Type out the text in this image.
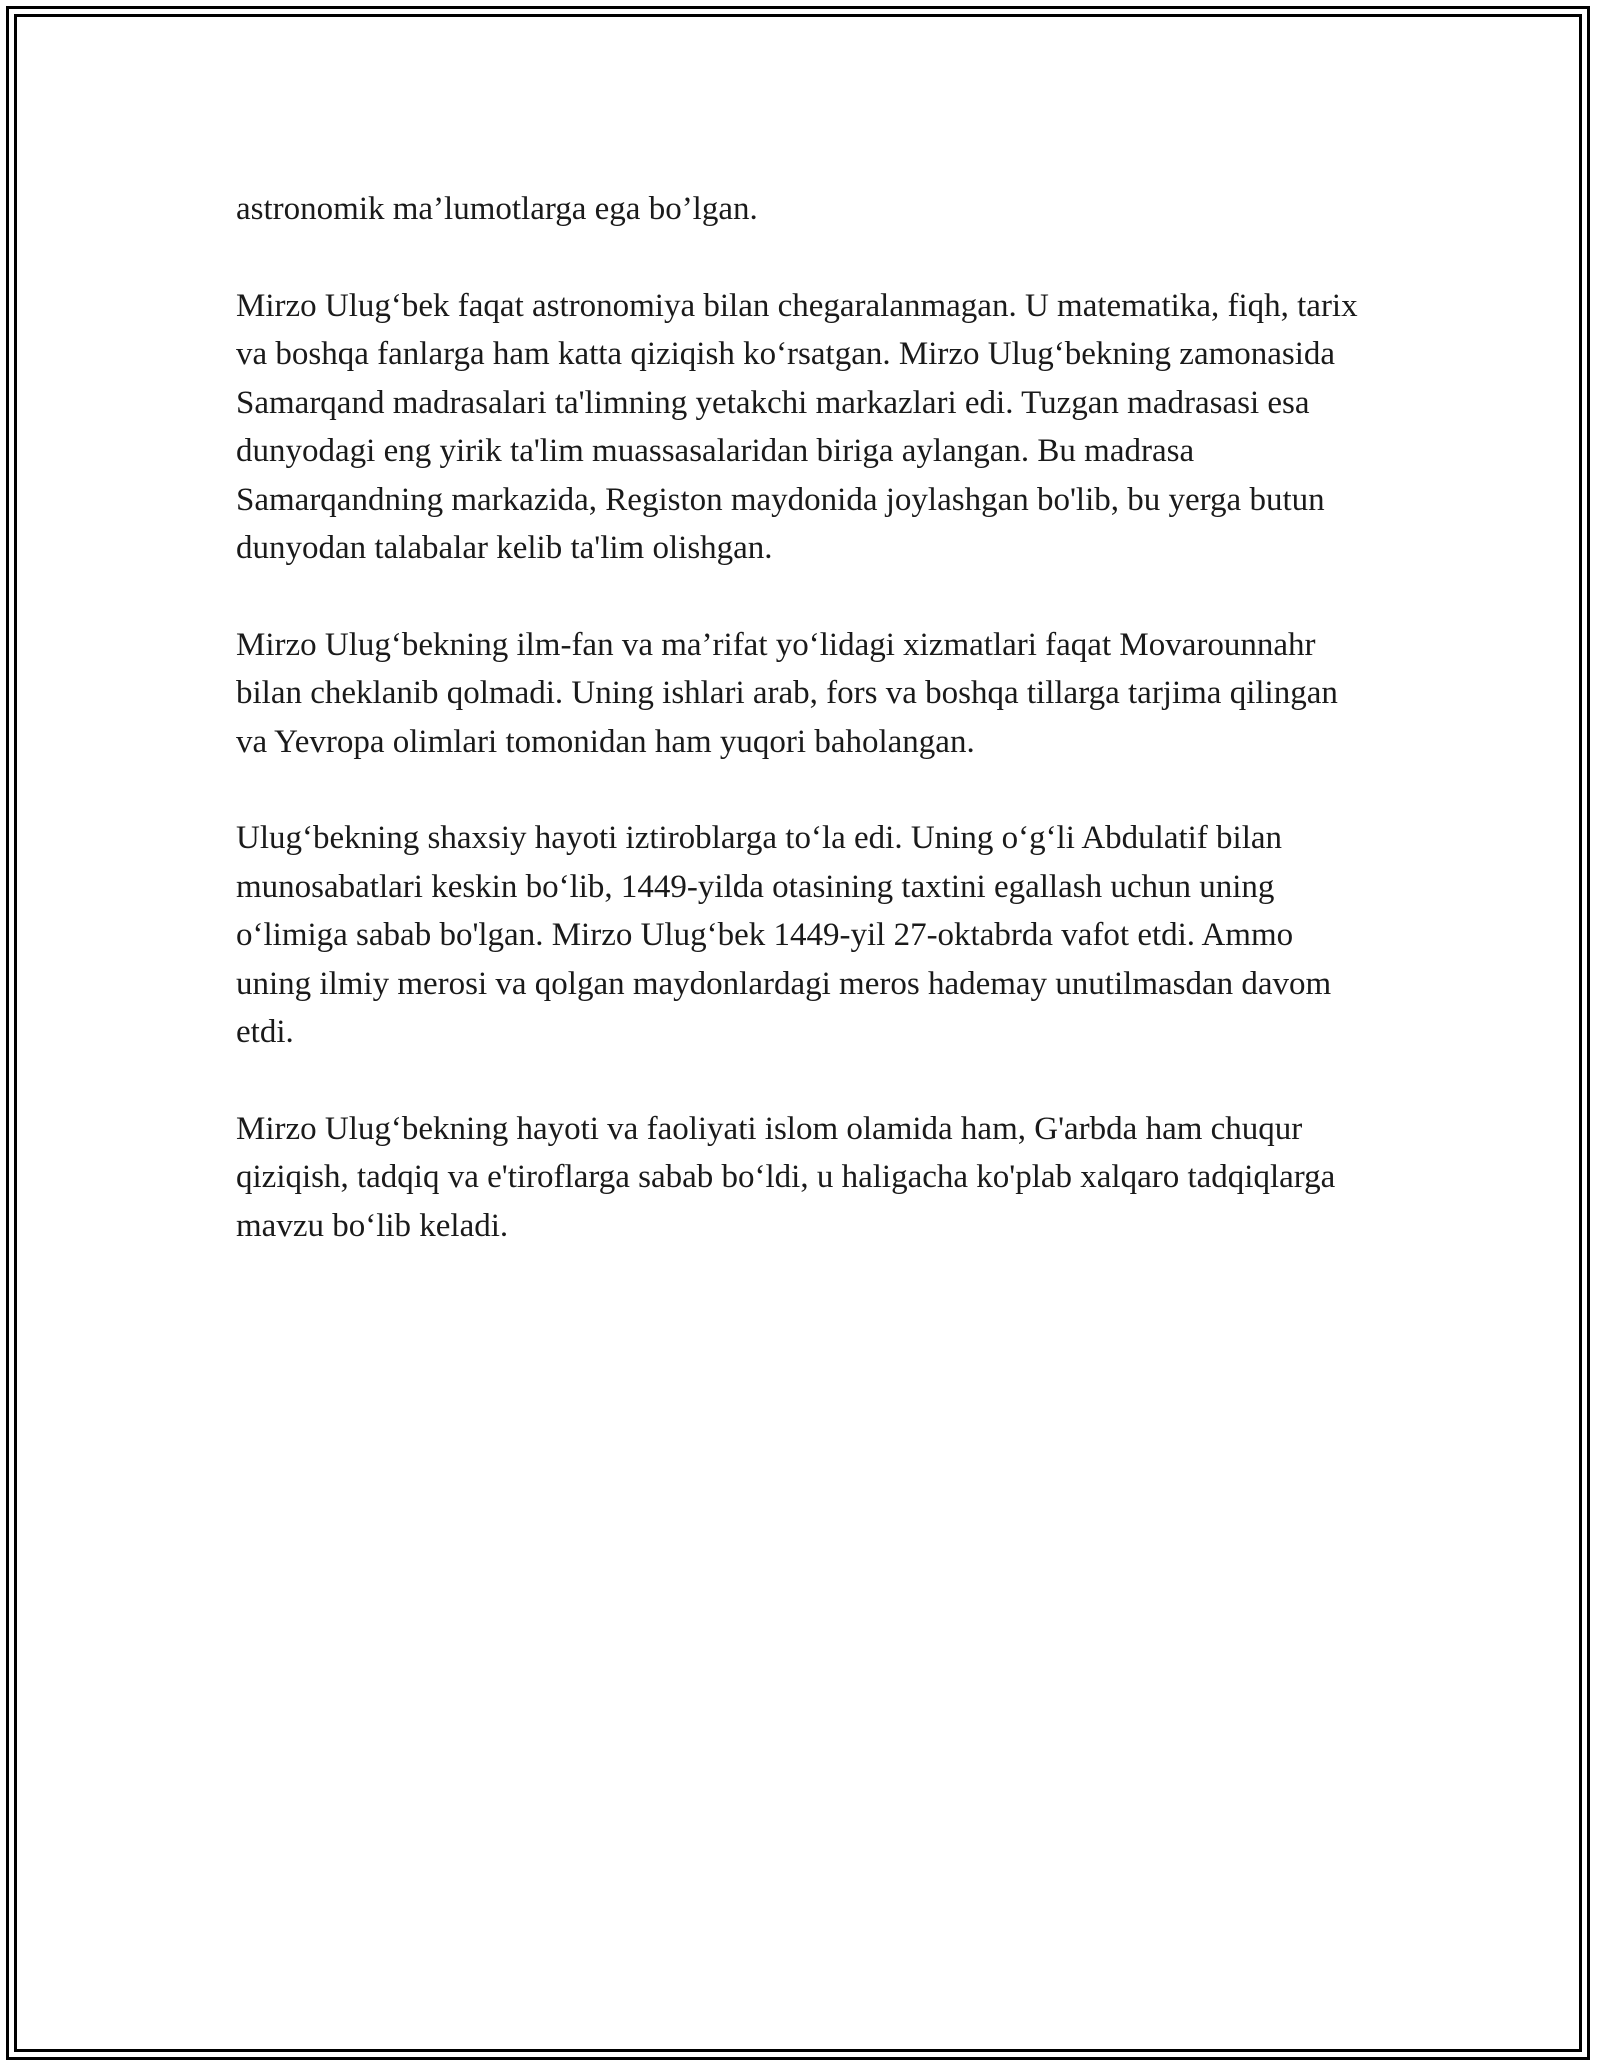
astronomik ma’lumotlarga ega bo’lgan.

Mirzo Ulug‘bek faqat astronomiya bilan chegaralanmagan. U matematika, fiqh, tarix va boshqa fanlarga ham katta qiziqish ko‘rsatgan. Mirzo Ulug‘bekning zamonasida Samarqand madrasalari ta'limning yetakchi markazlari edi. Tuzgan madrasasi esa dunyodagi eng yirik ta'lim muassasalaridan biriga aylangan. Bu madrasa Samarqandning markazida, Registon maydonida joylashgan bo'lib, bu yerga butun dunyodan talabalar kelib ta'lim olishgan.

Mirzo Ulug‘bekning ilm-fan va ma’rifat yo‘lidagi xizmatlari faqat Movarounnahr bilan cheklanib qolmadi. Uning ishlari arab, fors va boshqa tillarga tarjima qilingan va Yevropa olimlari tomonidan ham yuqori baholangan.

Ulug‘bekning shaxsiy hayoti iztiroblarga to‘la edi. Uning o‘g‘li Abdulatif bilan munosabatlari keskin bo‘lib, 1449-yilda otasining taxtini egallash uchun uning o‘limiga sabab bo'lgan. Mirzo Ulug‘bek 1449-yil 27-oktabrda vafot etdi. Ammo uning ilmiy merosi va qolgan maydonlardagi meros hademay unutilmasdan davom etdi.

Mirzo Ulug‘bekning hayoti va faoliyati islom olamida ham, G'arbda ham chuqur qiziqish, tadqiq va e'tiroflarga sabab bo‘ldi, u haligacha ko'plab xalqaro tadqiqlarga mavzu bo‘lib keladi.
